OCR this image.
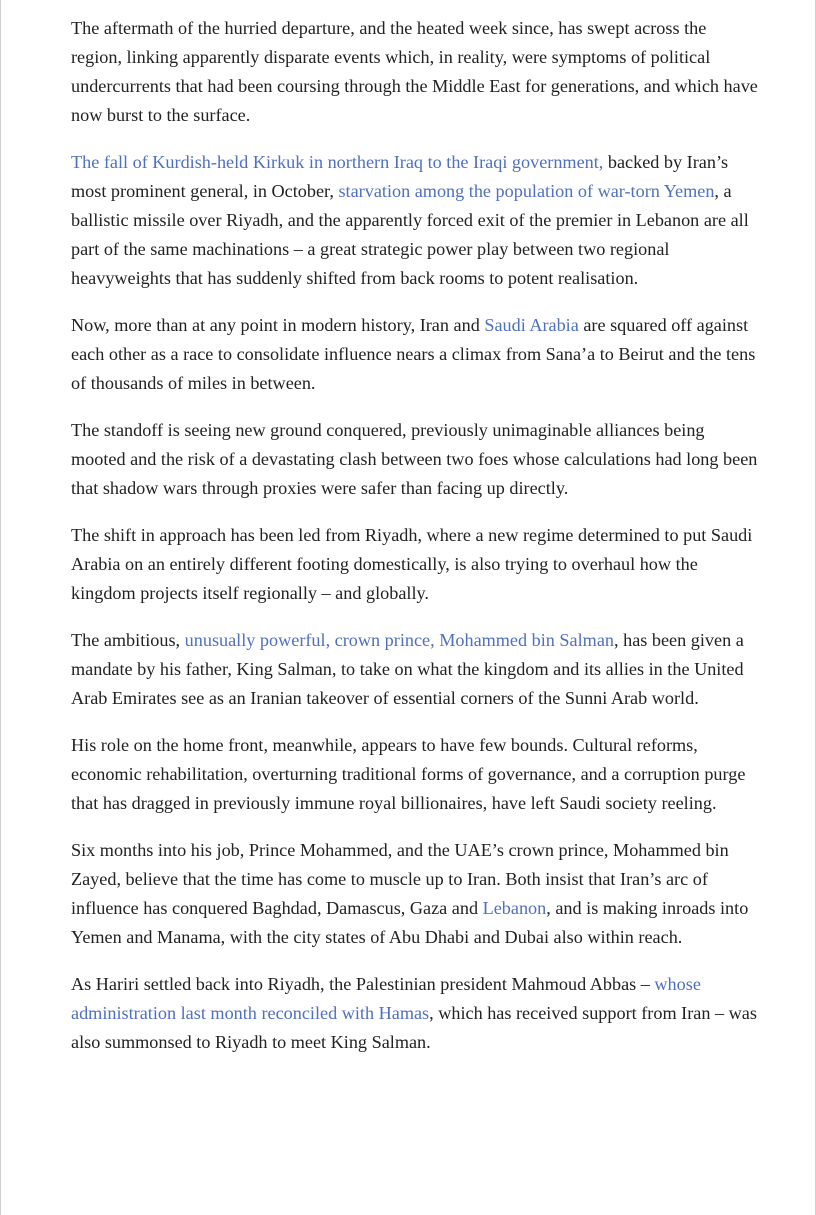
The aftermath of the hurried departure, and the heated week since, has swept across the region, linking apparently disparate events which, in reality, were symptoms of political undercurrents that had been coursing through the Middle East for generations, and which have now burst to the surface.

The fall of Kurdish-held Kirkuk in northern Iraq to the Iraqi government, backed by Iran’s most prominent general, in October, starvation among the population of war-torn Yemen, a ballistic missile over Riyadh, and the apparently forced exit of the premier in Lebanon are all part of the same machinations – a great strategic power play between two regional heavyweights that has suddenly shifted from back rooms to potent realisation.

Now, more than at any point in modern history, Iran and Saudi Arabia are squared off against each other as a race to consolidate influence nears a climax from Sana’a to Beirut and the tens of thousands of miles in between.

The standoff is seeing new ground conquered, previously unimaginable alliances being mooted and the risk of a devastating clash between two foes whose calculations had long been that shadow wars through proxies were safer than facing up directly.

The shift in approach has been led from Riyadh, where a new regime determined to put Saudi Arabia on an entirely different footing domestically, is also trying to overhaul how the kingdom projects itself regionally – and globally.

The ambitious, unusually powerful, crown prince, Mohammed bin Salman, has been given a mandate by his father, King Salman, to take on what the kingdom and its allies in the United Arab Emirates see as an Iranian takeover of essential corners of the Sunni Arab world.

His role on the home front, meanwhile, appears to have few bounds. Cultural reforms, economic rehabilitation, overturning traditional forms of governance, and a corruption purge that has dragged in previously immune royal billionaires, have left Saudi society reeling.

Six months into his job, Prince Mohammed, and the UAE’s crown prince, Mohammed bin Zayed, believe that the time has come to muscle up to Iran. Both insist that Iran’s arc of influence has conquered Baghdad, Damascus, Gaza and Lebanon, and is making inroads into Yemen and Manama, with the city states of Abu Dhabi and Dubai also within reach.

As Hariri settled back into Riyadh, the Palestinian president Mahmoud Abbas – whose administration last month reconciled with Hamas, which has received support from Iran – was also summonsed to Riyadh to meet King Salman.
